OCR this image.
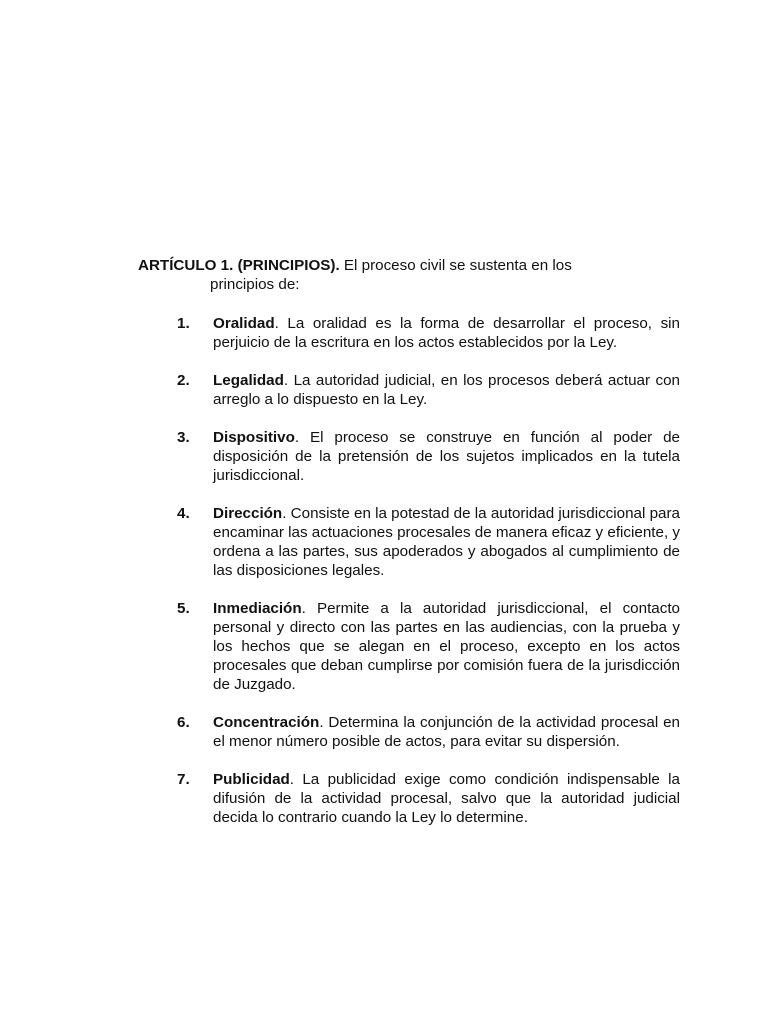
ARTÍCULO 1. (PRINCIPIOS). El proceso civil se sustenta en los
principios de:

1. Oralidad. La oralidad es la forma de desarrollar el proceso, sin perjuicio de la escritura en los actos establecidos por la Ley.
2. Legalidad. La autoridad judicial, en los procesos deberá actuar con arreglo a lo dispuesto en la Ley.
3. Dispositivo. El proceso se construye en función al poder de disposición de la pretensión de los sujetos implicados en la tutela jurisdiccional.
4. Dirección. Consiste en la potestad de la autoridad jurisdiccional para encaminar las actuaciones procesales de manera eficaz y eficiente, y ordena a las partes, sus apoderados y abogados al cumplimiento de las disposiciones legales.
5. Inmediación. Permite a la autoridad jurisdiccional, el contacto personal y directo con las partes en las audiencias, con la prueba y los hechos que se alegan en el proceso, excepto en los actos procesales que deban cumplirse por comisión fuera de la jurisdicción de Juzgado.
6. Concentración. Determina la conjunción de la actividad procesal en el menor número posible de actos, para evitar su dispersión.
7. Publicidad. La publicidad exige como condición indispensable la difusión de la actividad procesal, salvo que la autoridad judicial decida lo contrario cuando la Ley lo determine.
